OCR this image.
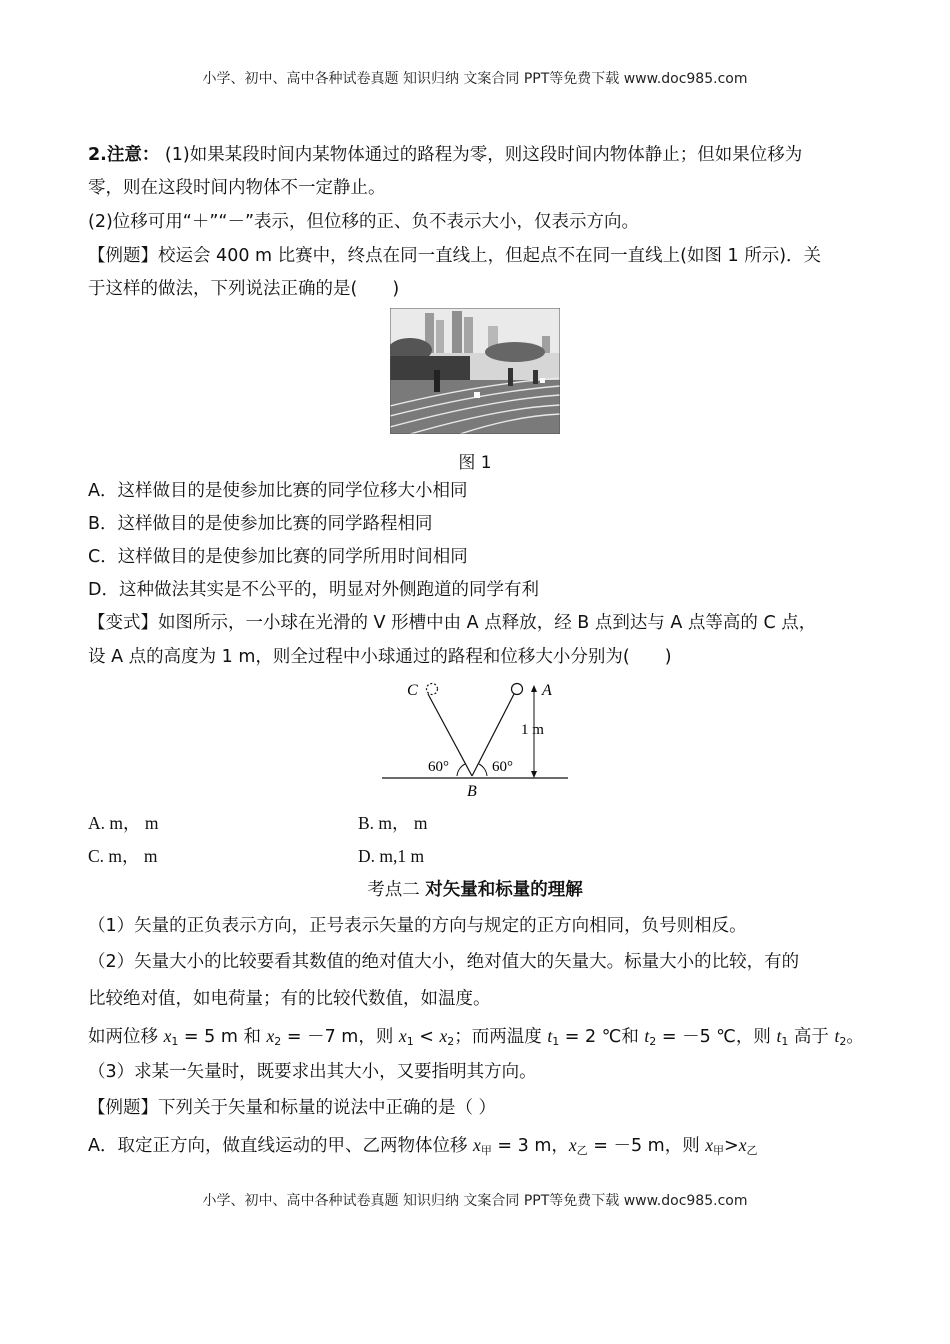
小学、初中、高中各种试卷真题 知识归纳 文案合同 PPT等免费下载 www.doc985.com
2.注意： (1)如果某段时间内某物体通过的路程为零，则这段时间内物体静止；但如果位移为
零，则在这段时间内物体不一定静止。
(2)位移可用“＋”“－”表示，但位移的正、负不表示大小，仅表示方向。
【例题】校运会 400 m 比赛中，终点在同一直线上，但起点不在同一直线上(如图 1 所示)．关
于这样的做法，下列说法正确的是(　　)
图 1
A．这样做目的是使参加比赛的同学位移大小相同
B．这样做目的是使参加比赛的同学路程相同
C．这样做目的是使参加比赛的同学所用时间相同
D．这种做法其实是不公平的，明显对外侧跑道的同学有利
【变式】如图所示，一小球在光滑的 V 形槽中由 A 点释放，经 B 点到达与 A 点等高的 C 点，
设 A 点的高度为 1 m，则全过程中小球通过的路程和位移大小分别为(　　)
C	A
B
1 m
60°	60°
A. m， m	B. m， m
C. m， m	D. m,1 m
考点二 对矢量和标量的理解
（1）矢量的正负表示方向，正号表示矢量的方向与规定的正方向相同，负号则相反。
（2）矢量大小的比较要看其数值的绝对值大小，绝对值大的矢量大。标量大小的比较，有的
比较绝对值，如电荷量；有的比较代数值，如温度。
如两位移 $x_1 = 5$ m 和 $x_2 = -7$ m，则 $x_1 < x_2$；而两温度 $t_1 = 2$ ℃和 $t_2 = -5$ ℃，则 $t_1$ 高于 $t_2$。
（3）求某一矢量时，既要求出其大小，又要指明其方向。
【例题】下列关于矢量和标量的说法中正确的是（ ）
A．取定正方向，做直线运动的甲、乙两物体位移 $x_甲 = 3$ m，$x_乙 = -5$ m，则 $x_甲>x_乙$
小学、初中、高中各种试卷真题 知识归纳 文案合同 PPT等免费下载 www.doc985.com
